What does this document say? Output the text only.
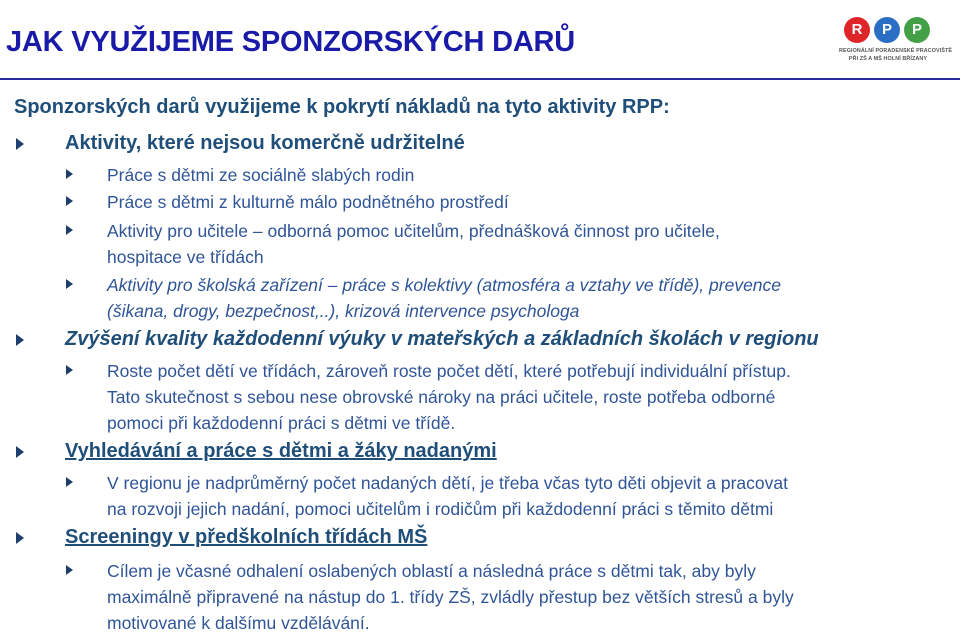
JAK VYUŽIJEME SPONZORSKÝCH DARŮ	R	P	P
REGIONÁLNÍ PORADENSKÉ PRACOVIŠTĚ
PŘI ZŠ A MŠ HOLNÍ BŘÍZANY

Sponzorských darů využijeme k pokrytí nákladů na tyto aktivity RPP:

Aktivity, které nejsou komerčně udržitelné

Práce s dětmi ze sociálně slabých rodin

Práce s dětmi z kulturně málo podnětného prostředí

Aktivity pro učitele – odborná pomoc učitelům, přednášková činnost pro učitele,

hospitace ve třídách

Aktivity pro školská zařízení – práce s kolektivy (atmosféra a vztahy ve třídě), prevence

(šikana, drogy, bezpečnost,..), krizová intervence psychologa

Zvýšení kvality každodenní výuky v mateřských a základních školách v regionu

Roste počet dětí ve třídách, zároveň roste počet dětí, které potřebují individuální přístup.

Tato skutečnost s sebou nese obrovské nároky na práci učitele, roste potřeba odborné

pomoci při každodenní práci s dětmi ve třídě.

Vyhledávání a práce s dětmi a žáky nadanými

V regionu je nadprůměrný počet nadaných dětí, je třeba včas tyto děti objevit a pracovat

na rozvoji jejich nadání, pomoci učitelům i rodičům při každodenní práci s těmito dětmi

Screeningy v předškolních třídách MŠ

Cílem je včasné odhalení oslabených oblastí a následná práce s dětmi tak, aby byly

maximálně připravené na nástup do 1. třídy ZŠ, zvládly přestup bez větších stresů a byly

motivované k dalšímu vzdělávání.
